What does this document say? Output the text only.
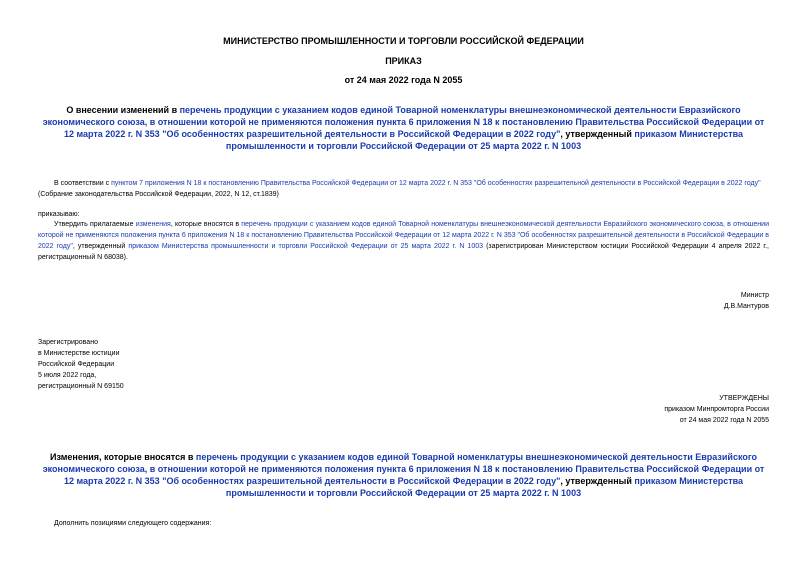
МИНИСТЕРСТВО ПРОМЫШЛЕННОСТИ И ТОРГОВЛИ РОССИЙСКОЙ ФЕДЕРАЦИИ
ПРИКАЗ
от 24 мая 2022 года N 2055
О внесении изменений в перечень продукции с указанием кодов единой Товарной номенклатуры внешнеэкономической деятельности Евразийского экономического союза, в отношении которой не применяются положения пункта 6 приложения N 18 к постановлению Правительства Российской Федерации от 12 марта 2022 г. N 353 "Об особенностях разрешительной деятельности в Российской Федерации в 2022 году", утвержденный приказом Министерства промышленности и торговли Российской Федерации от 25 марта 2022 г. N 1003
В соответствии с пунктом 7 приложения N 18 к постановлению Правительства Российской Федерации от 12 марта 2022 г. N 353 "Об особенностях разрешительной деятельности в Российской Федерации в 2022 году" (Собрание законодательства Российской Федерации, 2022, N 12, ст.1839)
приказываю:
Утвердить прилагаемые изменения, которые вносятся в перечень продукции с указанием кодов единой Товарной номенклатуры внешнеэкономической деятельности Евразийского экономического союза, в отношении которой не применяются положения пункта 6 приложения N 18 к постановлению Правительства Российской Федерации от 12 марта 2022 г. N 353 "Об особенностях разрешительной деятельности в Российской Федерации в 2022 году", утвержденный приказом Министерства промышленности и торговли Российской Федерации от 25 марта 2022 г. N 1003 (зарегистрирован Министерством юстиции Российской Федерации 4 апреля 2022 г., регистрационный N 68038).
Министр
Д.В.Мантуров
Зарегистрировано
в Министерстве юстиции
Российской Федерации
5 июля 2022 года,
регистрационный N 69150
УТВЕРЖДЕНЫ
приказом Минпромторга России
от 24 мая 2022 года N 2055
Изменения, которые вносятся в перечень продукции с указанием кодов единой Товарной номенклатуры внешнеэкономической деятельности Евразийского экономического союза, в отношении которой не применяются положения пункта 6 приложения N 18 к постановлению Правительства Российской Федерации от 12 марта 2022 г. N 353 "Об особенностях разрешительной деятельности в Российской Федерации в 2022 году", утвержденный приказом Министерства промышленности и торговли Российской Федерации от 25 марта 2022 г. N 1003
Дополнить позициями следующего содержания:
